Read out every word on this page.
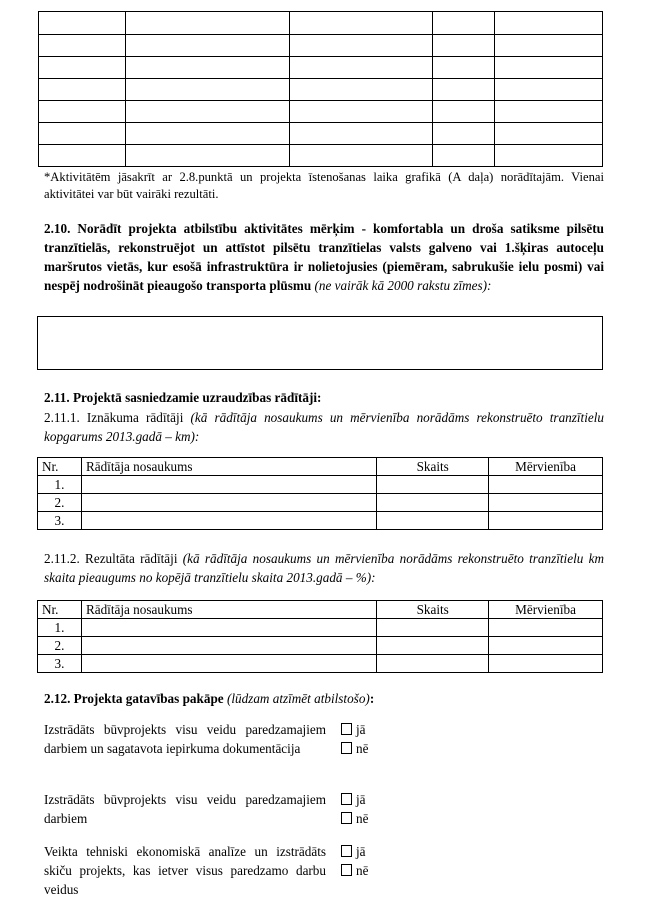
*Aktivitātēm jāsakrīt ar 2.8.punktā un projekta īstenošanas laika grafikā (A daļa) norādītajām. Vienai aktivitātei var būt vairāki rezultāti.
2.10. Norādīt projekta atbilstību aktivitātes mērķim - komfortabla un droša satiksme pilsētu tranzītielās, rekonstruējot un attīstot pilsētu tranzītielas valsts galveno vai 1.šķiras autoceļu maršrutos vietās, kur esošā infrastruktūra ir nolietojusies (piemēram, sabrukušie ielu posmi) vai nespēj nodrošināt pieaugošo transporta plūsmu (ne vairāk kā 2000 rakstu zīmes):
2.11. Projektā sasniedzamie uzraudzības rādītāji:
2.11.1. Iznākuma rādītāji (kā rādītāja nosaukums un mērvienība norādāms rekonstruēto tranzītielu kopgarums 2013.gadā – km):
Nr.	Rādītāja nosaukums	Skaits	Mērvienība
1.			
2.			
3.			
2.11.2. Rezultāta rādītāji (kā rādītāja nosaukums un mērvienība norādāms rekonstruēto tranzītielu km skaita pieaugums no kopējā tranzītielu skaita 2013.gadā – %):
Nr.	Rādītāja nosaukums	Skaits	Mērvienība
1.			
2.			
3.			
2.12. Projekta gatavības pakāpe (lūdzam atzīmēt atbilstošo):
Izstrādāts būvprojekts visu veidu paredzamajiem darbiem un sagatavota iepirkuma dokumentācija
jā
nē
Izstrādāts būvprojekts visu veidu paredzamajiem darbiem
jā
nē
Veikta tehniski ekonomiskā analīze un izstrādāts skiču projekts, kas ietver visus paredzamo darbu veidus
jā
nē
